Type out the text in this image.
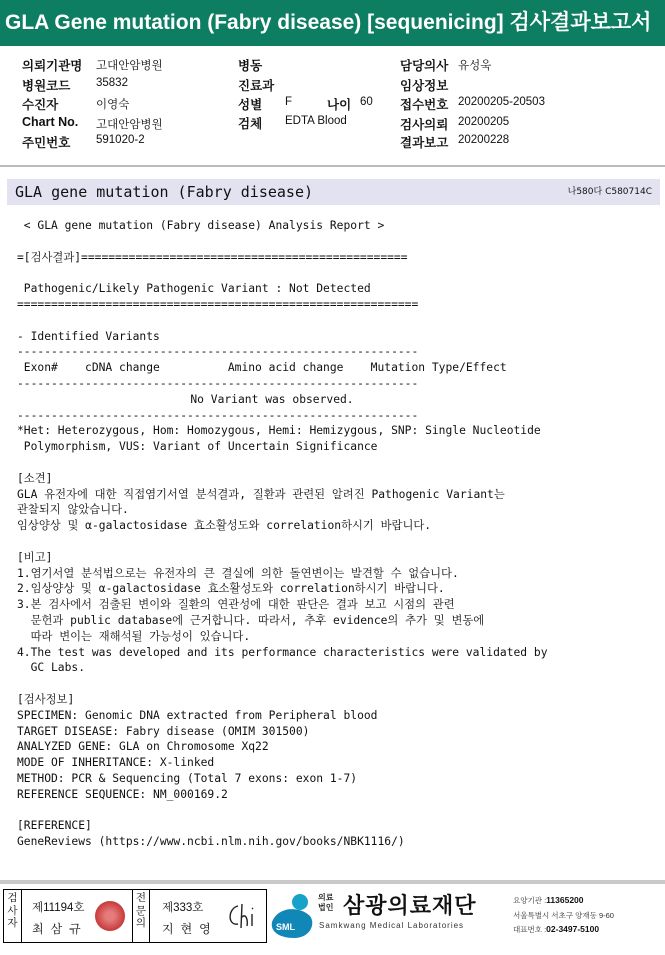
GLA Gene mutation (Fabry disease) [sequenicing] 검사결과보고서
의뢰기관명 고대안암병원
병원코드 35832
수진자	이영숙
Chart No. 고대안암병원
주민번호 591020-2
병동
진료과
성별 F	나이 60
검체 EDTA Blood
담당의사 유성욱
임상정보
접수번호 20200205-20503
검사의뢰 20200205
결과보고 20200228
GLA gene mutation (Fabry disease)	나580다 C580714C
< GLA gene mutation (Fabry disease) Analysis Report >
=[검사결과]================================================
Pathogenic/Likely Pathogenic Variant : Not Detected
===========================================================
- Identified Variants
-----------------------------------------------------------
Exon#    cDNA change          Amino acid change    Mutation Type/Effect
-----------------------------------------------------------
No Variant was observed.
-----------------------------------------------------------
*Het: Heterozygous, Hom: Homozygous, Hemi: Hemizygous, SNP: Single Nucleotide
Polymorphism, VUS: Variant of Uncertain Significance
[소견]
GLA 유전자에 대한 직접염기서열 분석결과, 질환과 관련된 알려진 Pathogenic Variant는
관찰되지 않았습니다.
임상양상 및 α-galactosidase 효소활성도와 correlation하시기 바랍니다.
[비고]
1.염기서열 분석법으로는 유전자의 큰 결실에 의한 돌연변이는 발견할 수 없습니다.
2.임상양상 및 α-galactosidase 효소활성도와 correlation하시기 바랍니다.
3.본 검사에서 검출된 변이와 질환의 연관성에 대한 판단은 결과 보고 시점의 관련
문헌과 public database에 근거합니다. 따라서, 추후 evidence의 추가 및 변동에
따라 변이는 재해석될 가능성이 있습니다.
4.The test was developed and its performance characteristics were validated by
GC Labs.
[검사정보]
SPECIMEN: Genomic DNA extracted from Peripheral blood
TARGET DISEASE: Fabry disease (OMIM 301500)
ANALYZED GENE: GLA on Chromosome Xq22
MODE OF INHERITANCE: X-linked
METHOD: PCR & Sequencing (Total 7 exons: exon 1-7)
REFERENCE SEQUENCE: NM_000169.2
[REFERENCE]
GeneReviews (https://www.ncbi.nlm.nih.gov/books/NBK1116/)
검
사
자
제11194호
최삼규
전
문
의
제333호
지현영	SML
의료
법인 삼광의료재단
Samkwang Medical Laboratories
요양기관 :11365200
서울특별시 서초구 양재동 9-60
대표번호 :02-3497-5100
